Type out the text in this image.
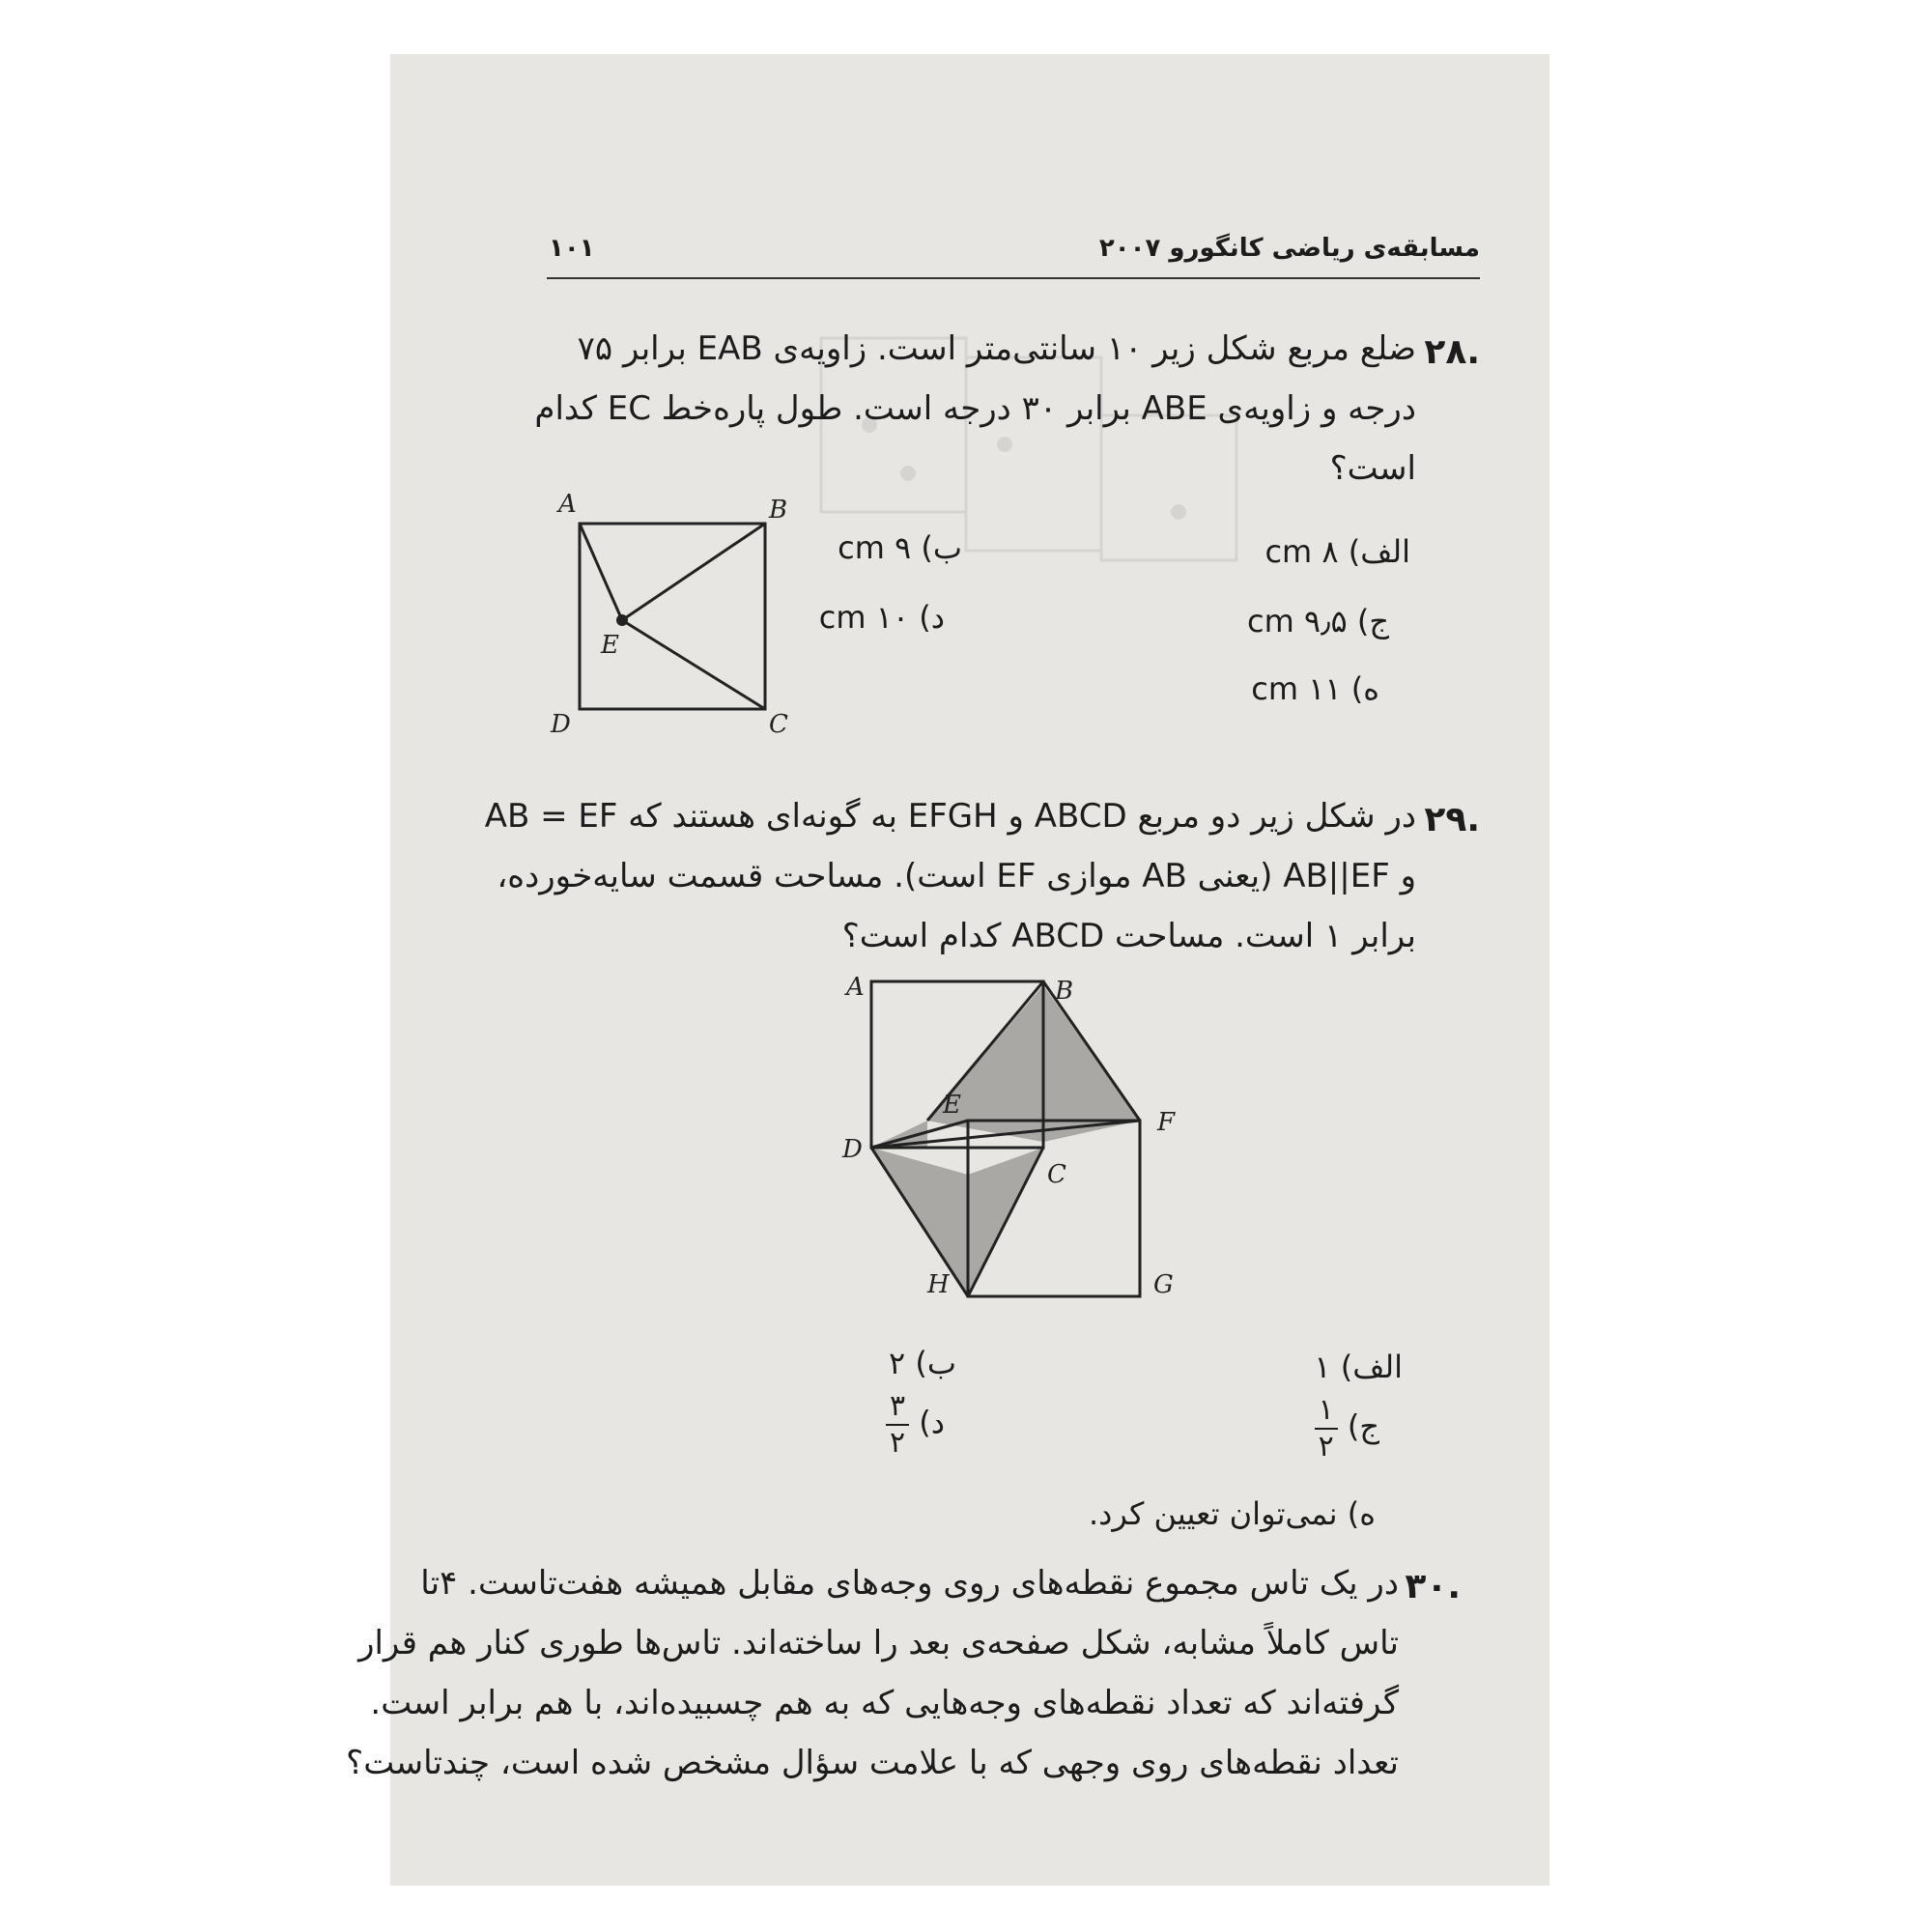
مسابقه‌ی ریاضی کانگورو ۲۰۰۷
۱۰۱
۲۸.
ضلع مربع شکل زیر ۱۰ سانتی‌متر است. زاویه‌ی EAB برابر ۷۵
درجه و زاویه‌ی ABE برابر ۳۰ درجه است. طول پاره‌خط EC کدام
است؟
A	B
E
D	C
الف) ۸ cm
ب) ۹ cm
ج) ۹٫۵ cm
د) ۱۰ cm
ه) ۱۱ cm
۲۹.
در شکل زیر دو مربع ABCD و EFGH به گونه‌ای هستند که AB = EF
و AB||EF (یعنی AB موازی EF است). مساحت قسمت سایه‌خورده،
برابر ۱ است. مساحت ABCD کدام است؟
A	B
E
F
D
C
H	G
الف) ۱
ب) ۲
ج)
$\frac{۱}{۲}$
د)
$\frac{۳}{۲}$
ه) نمی‌توان تعیین کرد.
۳۰.
در یک تاس مجموع نقطه‌های روی وجه‌های مقابل همیشه هفت‌تاست. ۴تا
تاس کاملاً مشابه، شکل صفحه‌ی بعد را ساخته‌اند. تاس‌ها طوری کنار هم قرار
گرفته‌اند که تعداد نقطه‌های وجه‌هایی که به هم چسبیده‌اند، با هم برابر است.
تعداد نقطه‌های روی وجهی که با علامت سؤال مشخص شده است، چندتاست؟
